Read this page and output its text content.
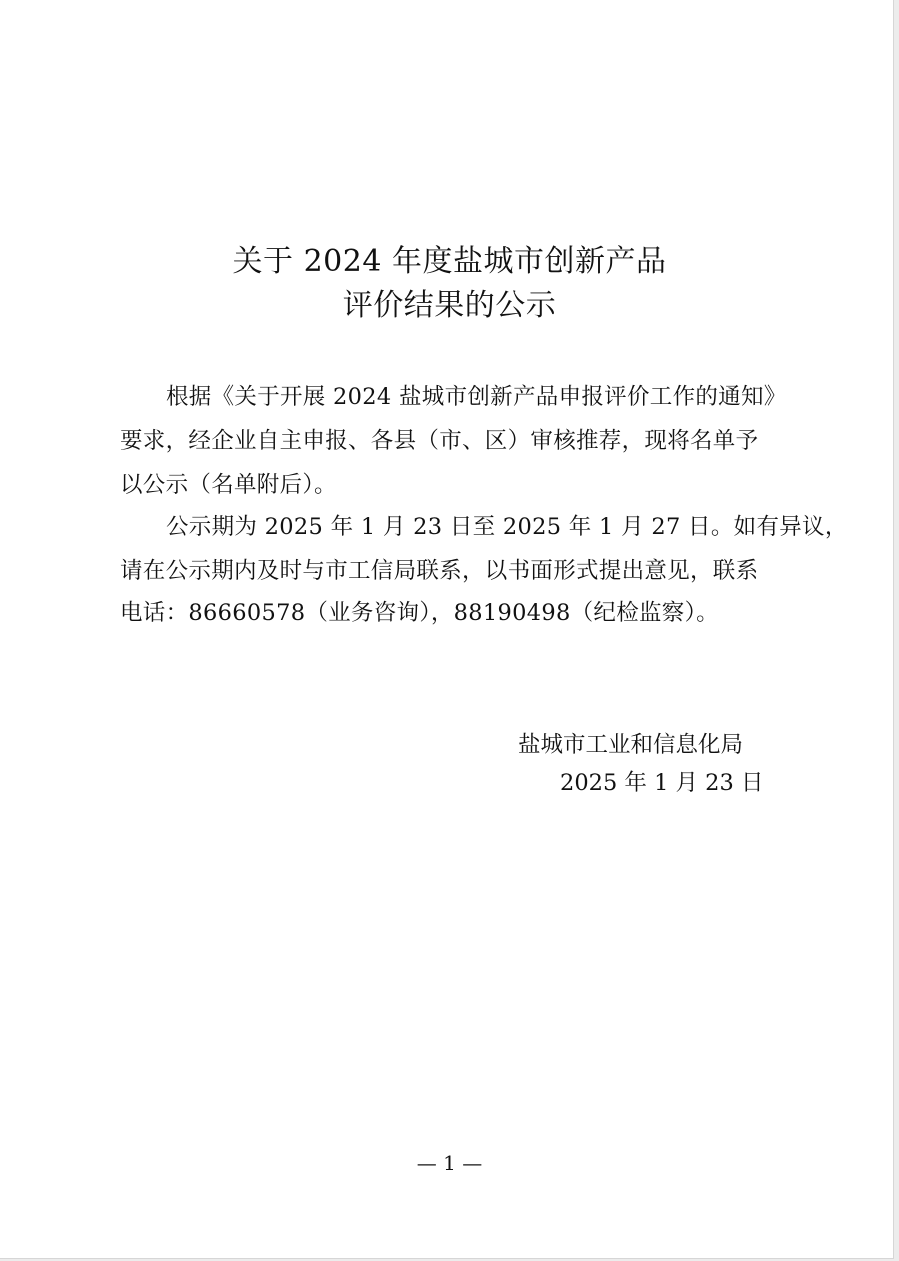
关于 2024 年度盐城市创新产品
评价结果的公示
根据《关于开展 2024 盐城市创新产品申报评价工作的通知》
要求，经企业自主申报、各县（市、区）审核推荐，现将名单予
以公示（名单附后）。
公示期为 2025 年 1 月 23 日至 2025 年 1 月 27 日。如有异议，
请在公示期内及时与市工信局联系，以书面形式提出意见，联系
电话：86660578（业务咨询），88190498（纪检监察）。
盐城市工业和信息化局
2025 年 1 月 23 日
— 1 —
